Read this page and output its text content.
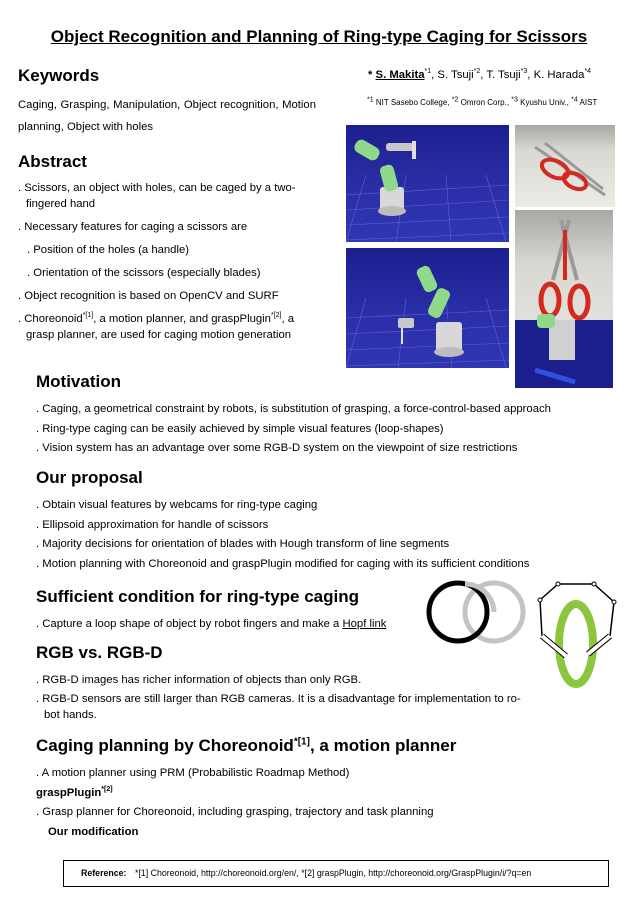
Object Recognition and Planning of Ring-type Caging for Scissors
Keywords
Caging, Grasping, Manipulation, Object recognition, Motion planning, Object with holes
Abstract
. Scissors, an object with holes, can be caged by a two-
fingered hand
. Necessary features for caging a scissors are
. Position of the holes (a handle)
. Orientation of the scissors (especially blades)
. Object recognition is based on OpenCV and SURF
. Choreonoid$^{*[1]}$, a motion planner, and graspPlugin$^{*[2]}$, a
grasp planner, are used for caging motion generation
* S. Makita$^{*1}$, S. Tsuji$^{*2}$, T. Tsuji$^{*3}$, K. Harada$^{*4}$
$^{*1}$ NIT Sasebo College, $^{*2}$ Omron Corp., $^{*3}$ Kyushu Univ., $^{*4}$ AIST
Motivation
. Caging, a geometrical constraint by robots, is substitution of grasping, a force-control-based approach
. Ring-type caging can be easily achieved by simple visual features (loop-shapes)
. Vision system has an advantage over some RGB-D system on the viewpoint of size restrictions
Our proposal
. Obtain visual features by webcams for ring-type caging
. Ellipsoid approximation for handle of scissors
. Majority decisions for orientation of blades with Hough transform of line segments
. Motion planning with Choreonoid and graspPlugin modified for caging with its sufficient conditions
Sufficient condition for ring-type caging
. Capture a loop shape of object by robot fingers and make a Hopf link
RGB vs. RGB-D
. RGB-D images has richer information of objects than only RGB.
. RGB-D sensors are still larger than RGB cameras. It is a disadvantage for implementation to ro-
bot hands.
Caging planning by Choreonoid$^{*[1]}$, a motion planner
. A motion planner using PRM (Probabilistic Roadmap Method)
graspPlugin$^{*[2]}$
. Grasp planner for Choreonoid, including grasping, trajectory and task planning
Our modification
Reference: *[1] Choreonoid, http://choreonoid.org/en/, *[2] graspPlugin, http://choreonoid.org/GraspPlugin/i/?q=en
